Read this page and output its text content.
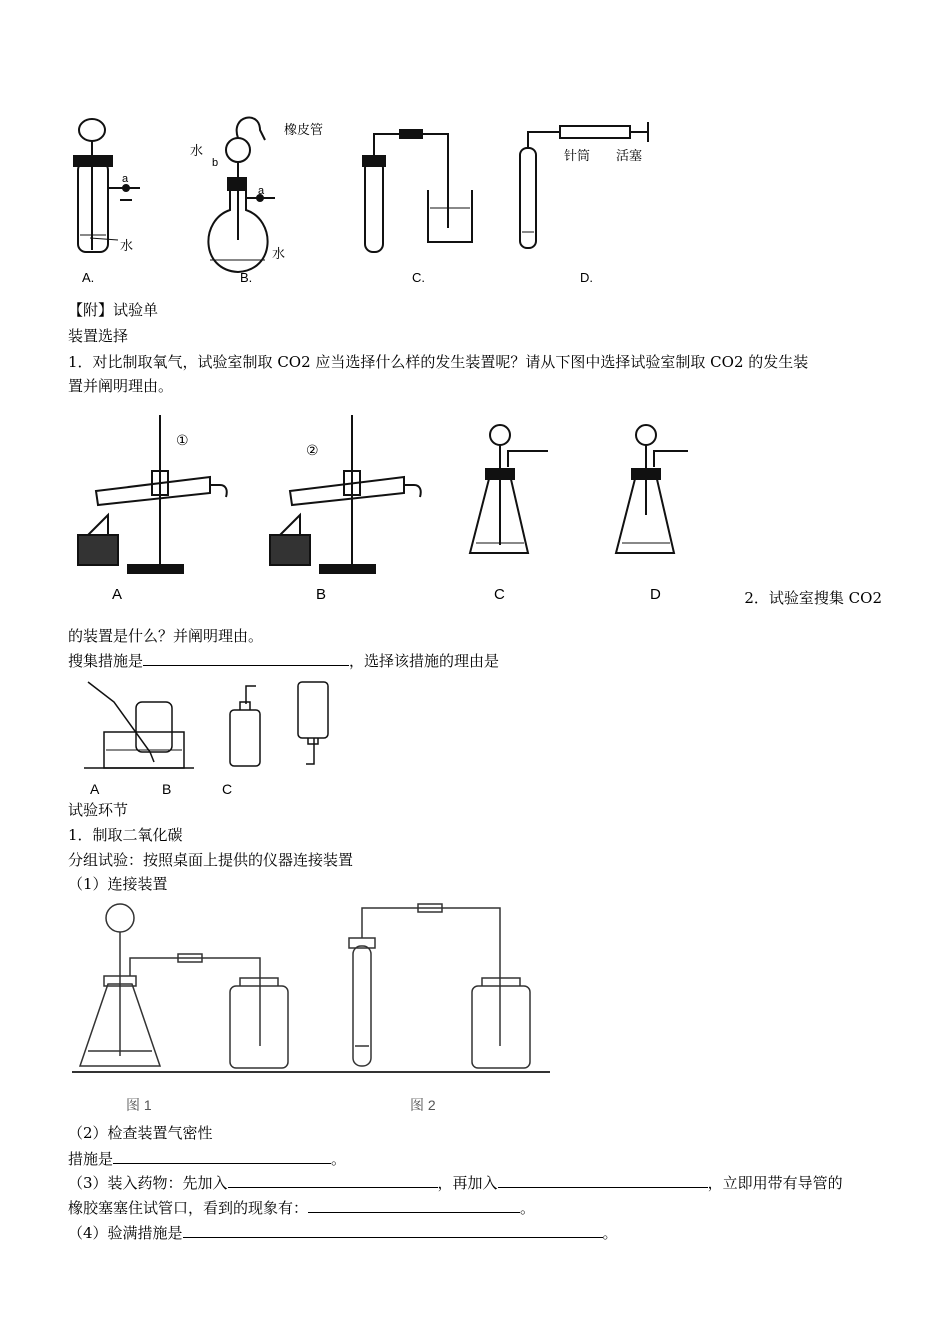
橡皮管
水
b
a
a
水
水
针筒 活塞
A.	B.	C.	D.
【附】试验单
装置选择
1．对比制取氧气，试验室制取 CO2 应当选择什么样的发生装置呢？请从下图中选择试验室制取 CO2 的发生装
置并阐明理由。
①
②
A	B	C	D	2．试验室搜集 CO2
的装置是什么？并阐明理由。
搜集措施是	，选择该措施的理由是
A	B	C
试验环节
1．制取二氧化碳
分组试验：按照桌面上提供的仪器连接装置
（1）连接装置
图 1	图 2
（2）检查装置气密性
措施是	。
（3）装入药物：先加入	，再加入	，立即用带有导管的
橡胶塞塞住试管口，看到的现象有：	。
（4）验满措施是	。
